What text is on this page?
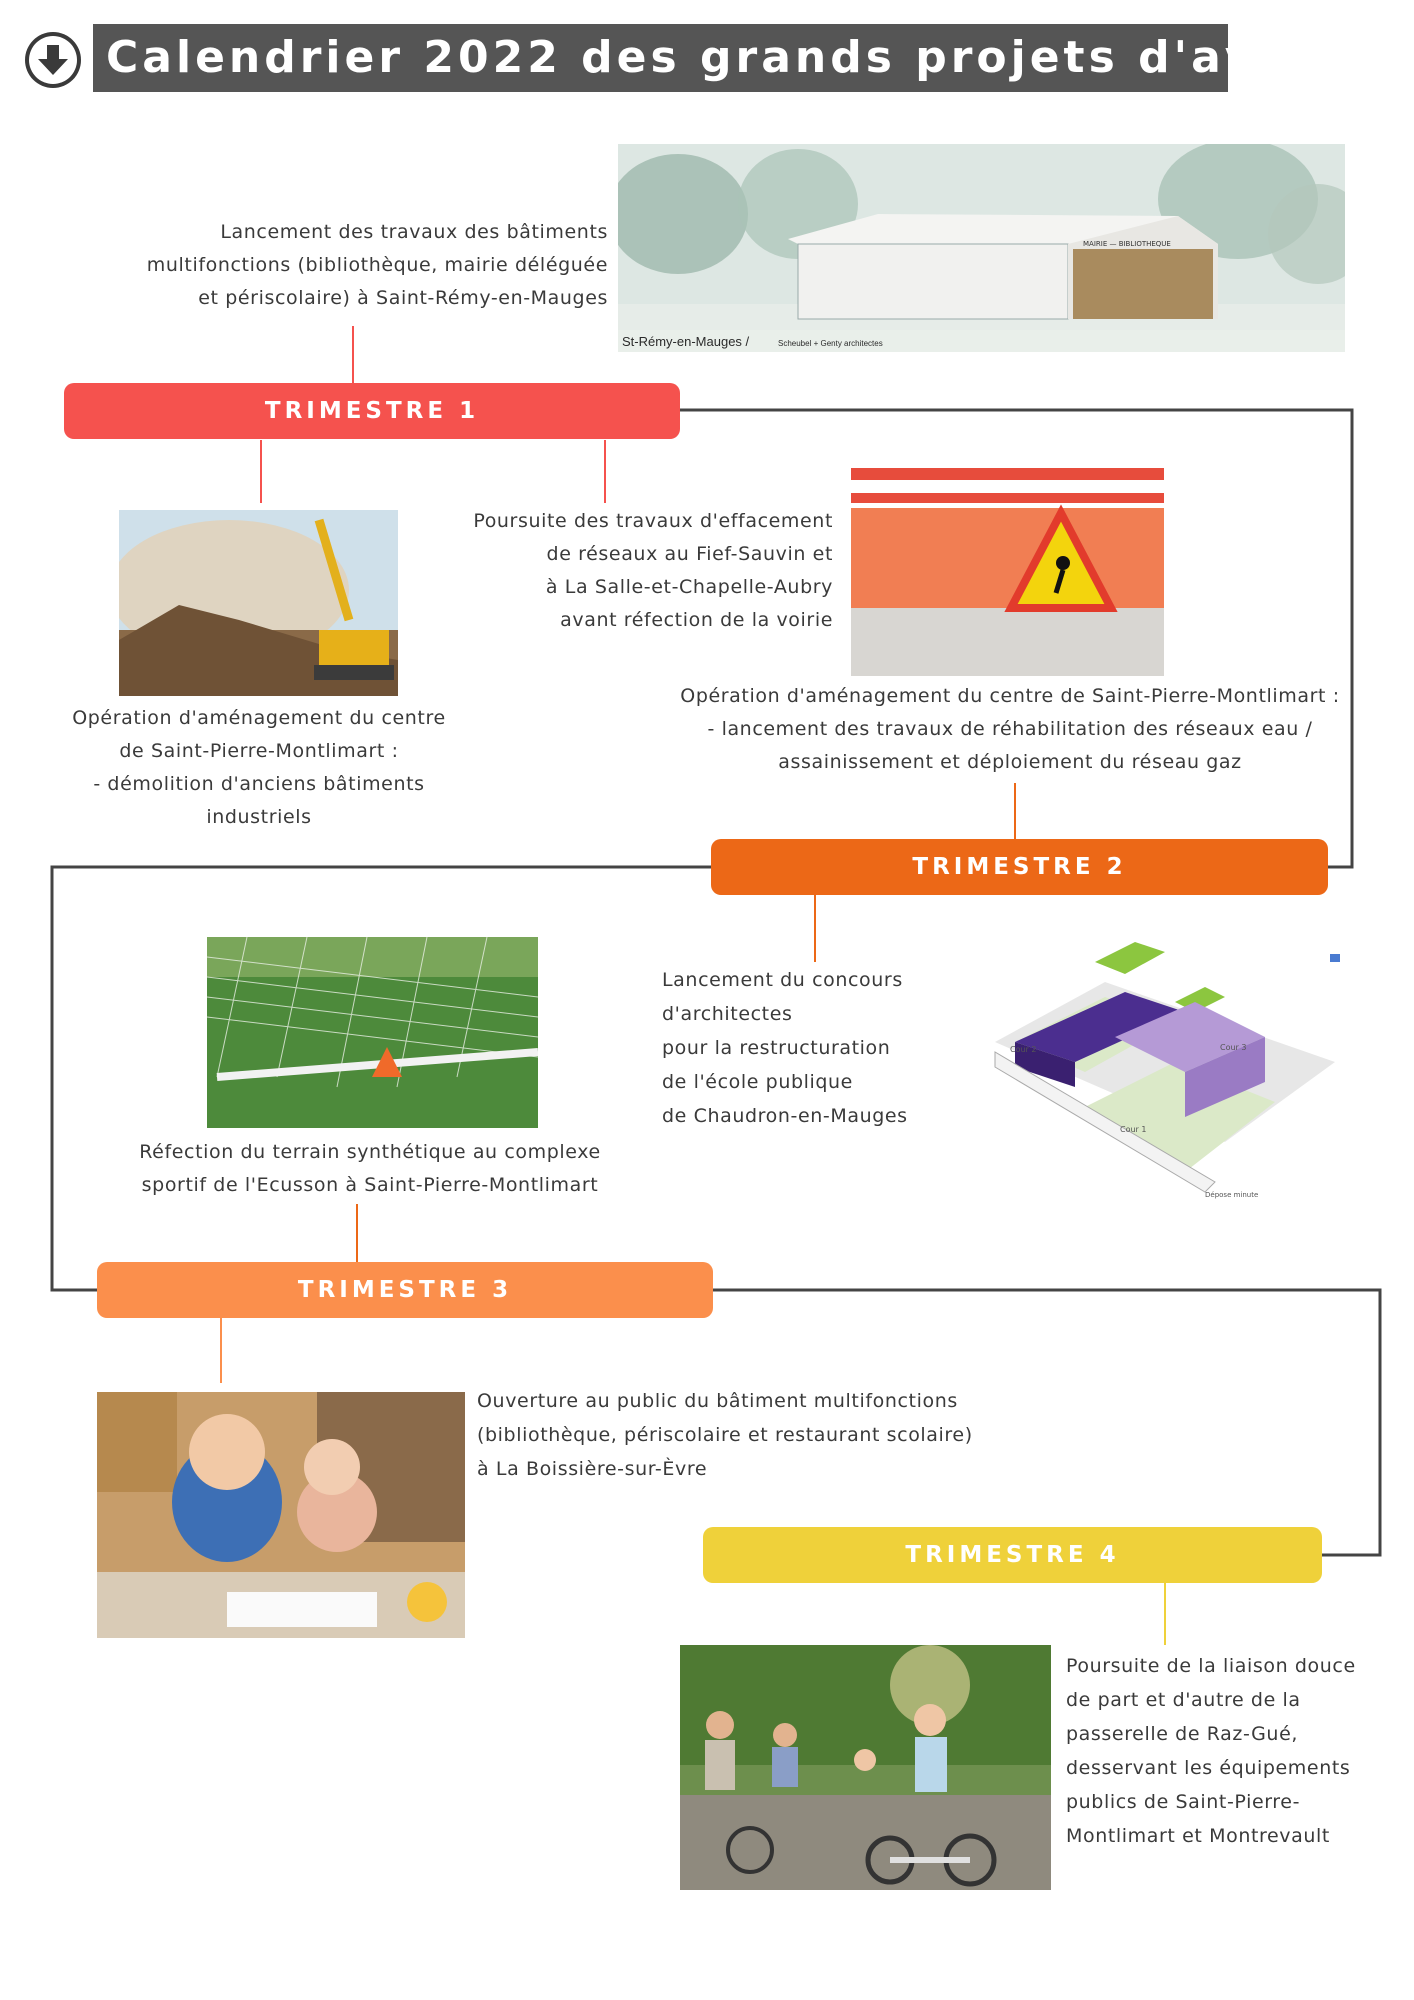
Calendrier 2022 des grands projets d'avenir
Lancement des travaux des bâtiments
multifonctions (bibliothèque, mairie déléguée
et périscolaire) à Saint-Rémy-en-Mauges
MAIRIE — BIBLIOTHEQUE
St-Rémy-en-Mauges /	Scheubel + Genty architectes
TRIMESTRE 1
Opération d'aménagement du centre
de Saint-Pierre-Montlimart :
- démolition d'anciens bâtiments
industriels
Poursuite des travaux d'effacement
de réseaux au Fief-Sauvin et
à La Salle-et-Chapelle-Aubry
avant réfection de la voirie
Opération d'aménagement du centre de Saint-Pierre-Montlimart :
- lancement des travaux de réhabilitation des réseaux eau /
assainissement et déploiement du réseau gaz
TRIMESTRE 2
Réfection du terrain synthétique au complexe
sportif de l'Ecusson à Saint-Pierre-Montlimart
Lancement du concours d'architectes
pour la restructuration
de l'école publique
de Chaudron-en-Mauges
Cour 2	Cour 3
Cour 1
Dépose minute
TRIMESTRE 3
Ouverture au public du bâtiment multifonctions
(bibliothèque, périscolaire et restaurant scolaire)
à La Boissière-sur-Èvre
TRIMESTRE 4
Poursuite de la liaison douce
de part et d'autre de la
passerelle de Raz-Gué,
desservant les équipements
publics de Saint-Pierre-
Montlimart et Montrevault
